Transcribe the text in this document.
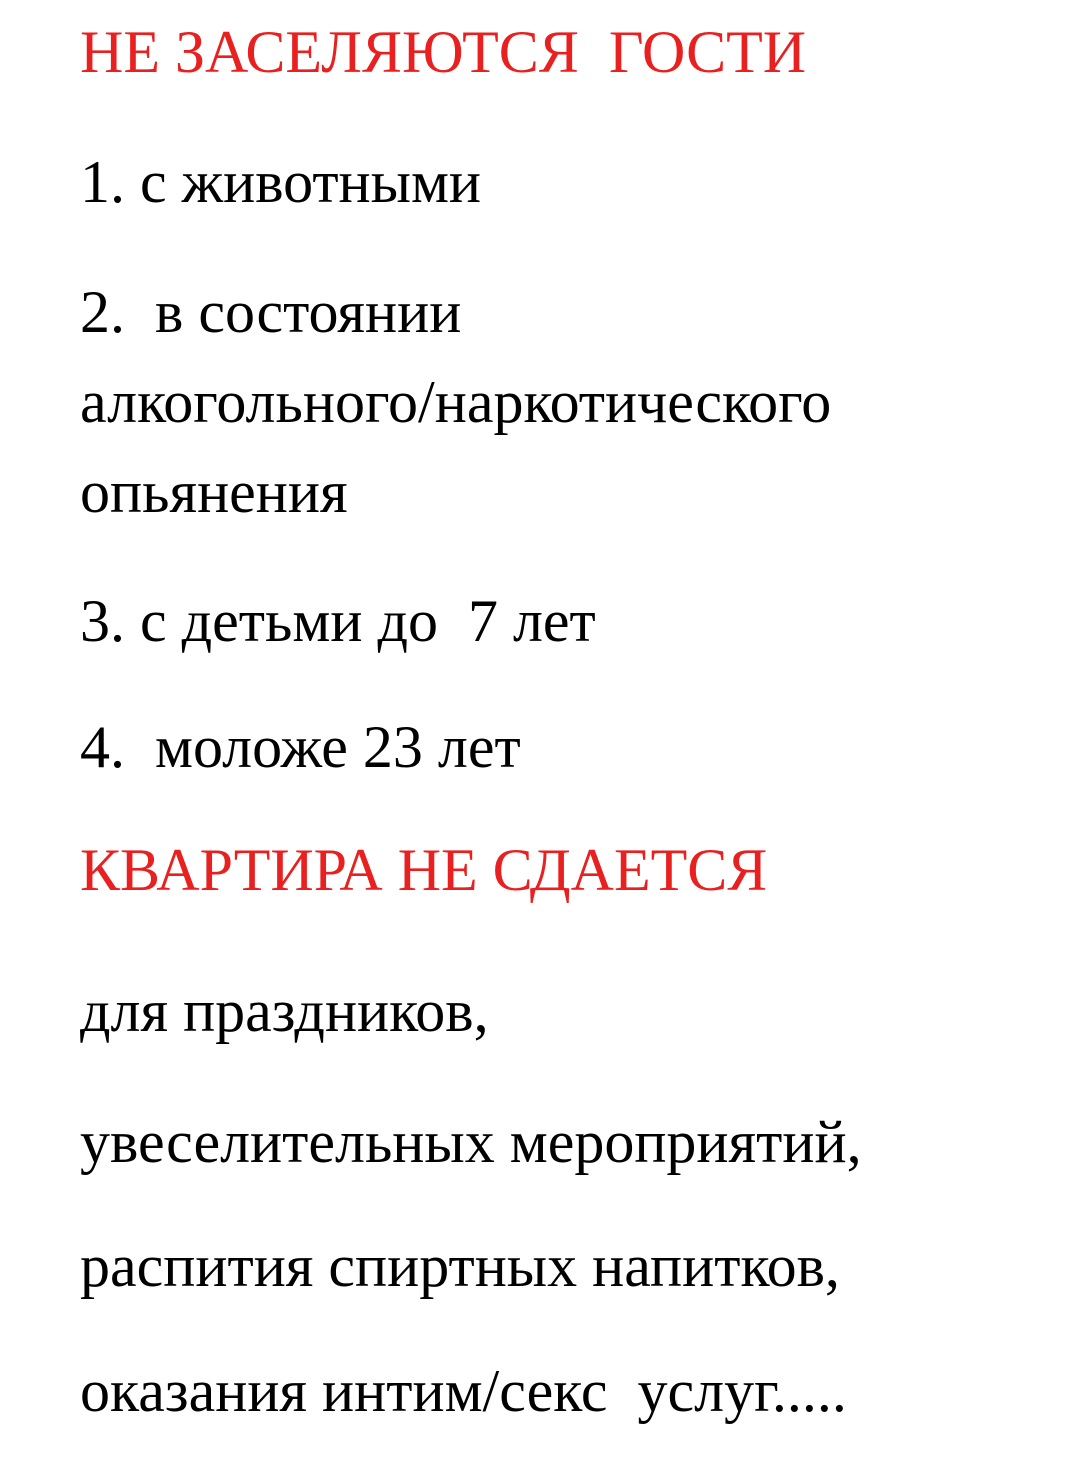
НЕ ЗАСЕЛЯЮТСЯ  ГОСТИ

1. с животными

2.  в состоянии

алкогольного/наркотического

опьянения

3. с детьми до  7 лет

4.  моложе 23 лет

КВАРТИРА НЕ СДАЕТСЯ

для праздников,

увеселительных мероприятий,

распития спиртных напитков,

оказания интим/секс  услуг.....
